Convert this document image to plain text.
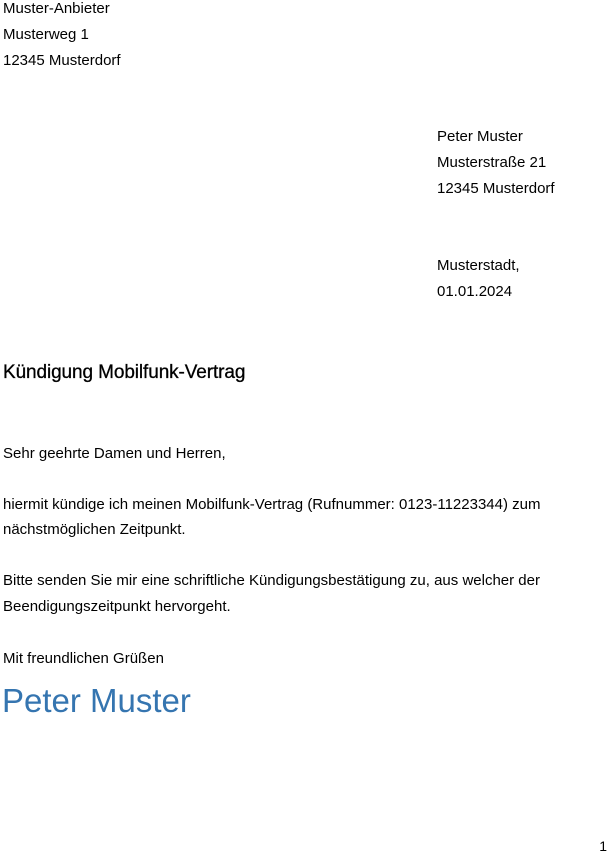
Muster-Anbieter
Musterweg 1
12345 Musterdorf
Peter Muster
Musterstraße 21
12345 Musterdorf
Musterstadt,
01.01.2024
Kündigung Mobilfunk-Vertrag
Sehr geehrte Damen und Herren,
hiermit kündige ich meinen Mobilfunk-Vertrag (Rufnummer: 0123-11223344) zum
nächstmöglichen Zeitpunkt.
Bitte senden Sie mir eine schriftliche Kündigungsbestätigung zu, aus welcher der
Beendigungszeitpunkt hervorgeht.
Mit freundlichen Grüßen
Peter Muster
1
